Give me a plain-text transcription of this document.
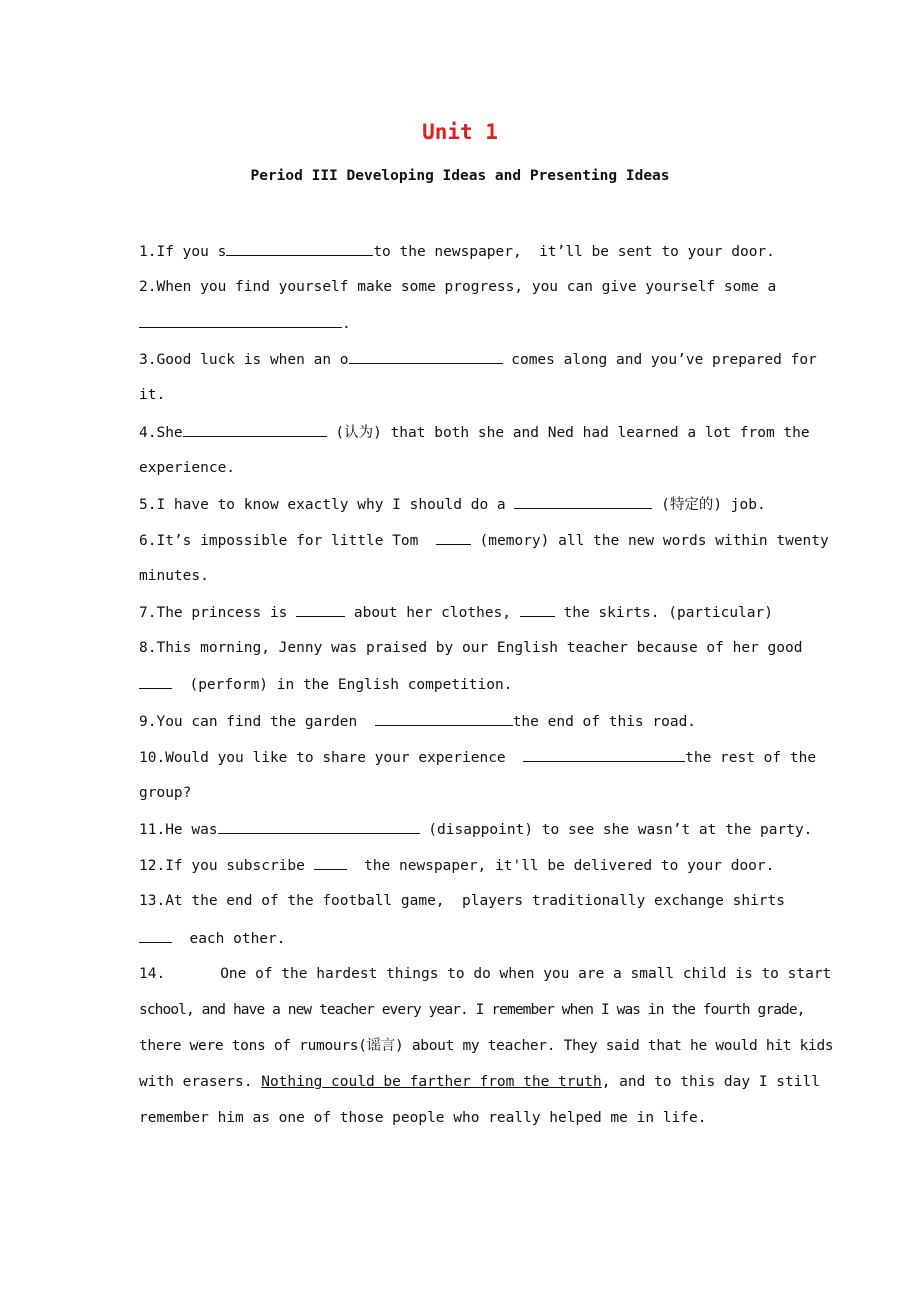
Unit 1
Period III Developing Ideas and Presenting Ideas
1.If you s	to the newspaper,  it’ll be sent to your door.
2.When you find yourself make some progress, you can give yourself some a
.
3.Good luck is when an o	comes along and you’ve prepared for
it.
4.She	(认为) that both she and Ned had learned a lot from the
experience.
5.I have to know exactly why I should do a	(特定的) job.
6.It’s impossible for little Tom   (memory) all the new words within twenty
minutes.
7.The princess is	about her clothes,  the skirts. (particular)
8.This morning, Jenny was praised by our English teacher because of her good
(perform) in the English competition.
9.You can find the garden	the end of this road.
10.Would you like to share your experience	the rest of the
group?
11.He was	(disappoint) to see she wasn’t at the party.
12.If you subscribe   the newspaper, it'll be delivered to your door.
13.At the end of the football game,  players traditionally exchange shirts
each other.
14.	One of the hardest things to do when you are a small child is to start
school, and have a new teacher every year. I remember when I was in the fourth grade,
there were tons of rumours(谣言) about my teacher. They said that he would hit kids
with erasers. Nothing could be farther from the truth, and to this day I still
remember him as one of those people who really helped me in life.
